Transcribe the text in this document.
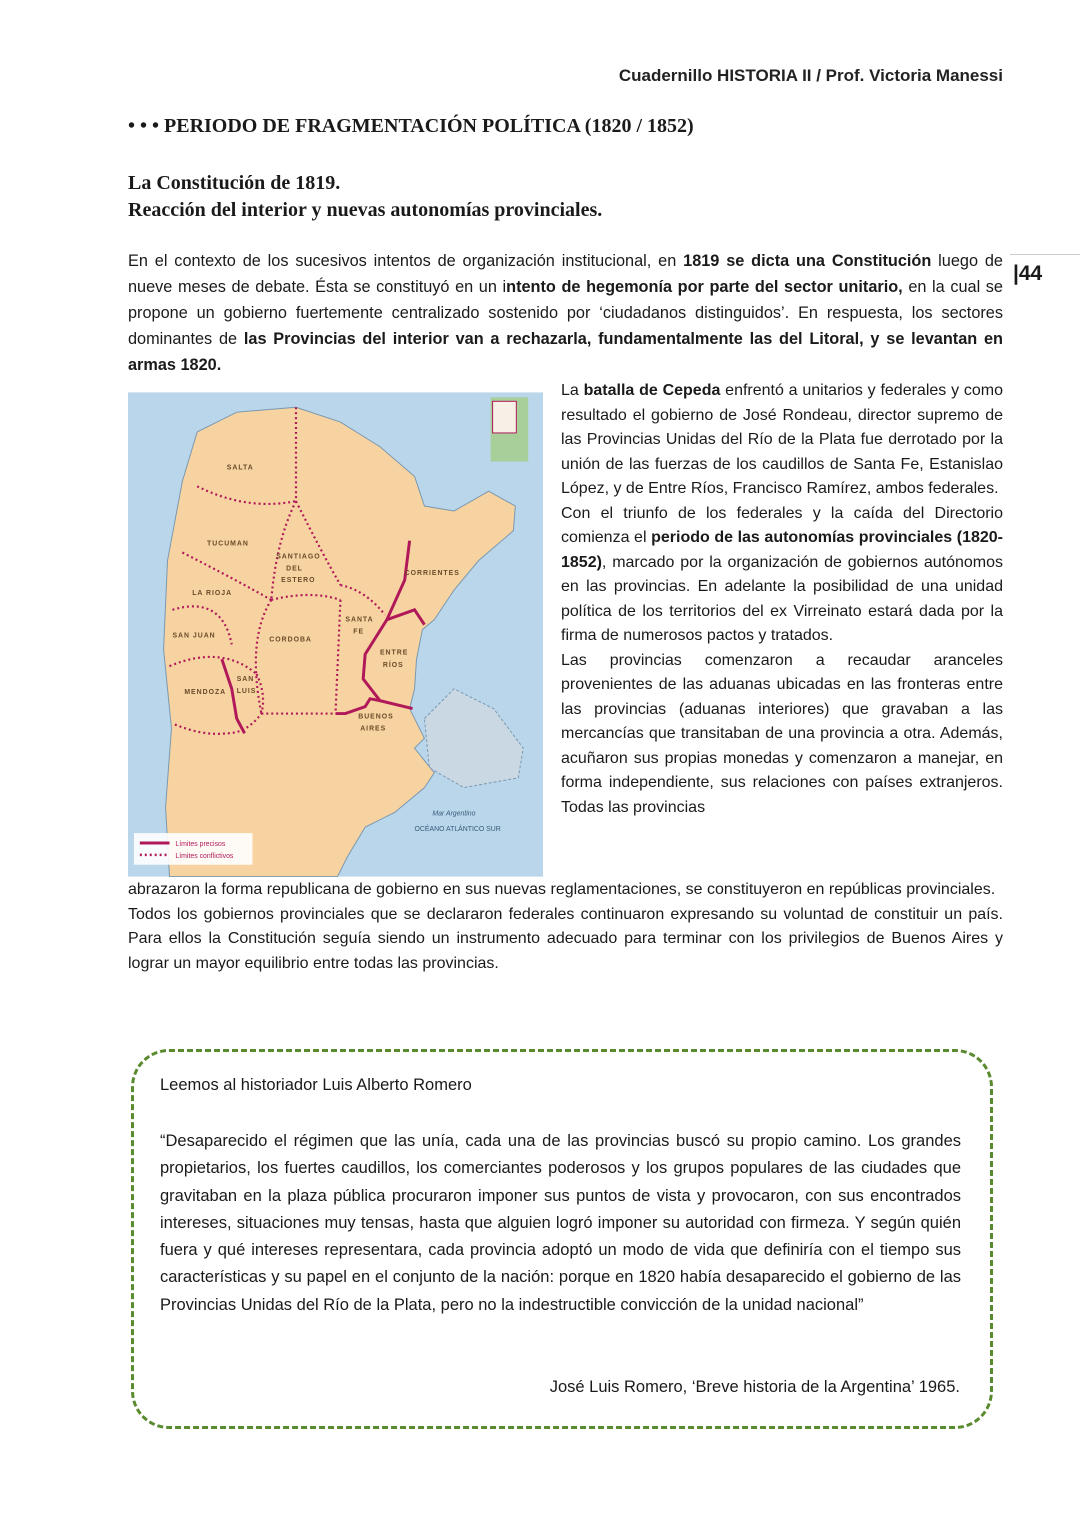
Cuadernillo HISTORIA II / Prof. Victoria Manessi
|44
• • • PERIODO DE FRAGMENTACIÓN POLÍTICA (1820 / 1852)
La Constitución de 1819.
Reacción del interior y nuevas autonomías provinciales.
En el contexto de los sucesivos intentos de organización institucional, en 1819 se dicta una Constitución luego de nueve meses de debate. Ésta se constituyó en un intento de hegemonía por parte del sector unitario, en la cual se propone un gobierno fuertemente centralizado sostenido por ‘ciudadanos distinguidos’. En respuesta, los sectores dominantes de las Provincias del interior van a rechazarla, fundamentalmente las del Litoral, y se levantan en armas 1820.
SALTA
TUCUMAN
SANTIAGO
DEL
ESTERO
LA RIOJA
SAN JUAN
CORDOBA
SANTA
FE
CORRIENTES
ENTRE
RÍOS
MENDOZA
SAN
LUIS
BUENOS
AIRES
Mar Argentino
OCÉANO ATLÁNTICO SUR
Límites precisos
Límites conflictivos
La batalla de Cepeda enfrentó a unitarios y federales y como resultado el gobierno de José Rondeau, director supremo de las Provincias Unidas del Río de la Plata fue derrotado por la unión de las fuerzas de los caudillos de Santa Fe, Estanislao López, y de Entre Ríos, Francisco Ramírez, ambos federales.
Con el triunfo de los federales y la caída del Directorio comienza el periodo de las autonomías provinciales (1820-1852), marcado por la organización de gobiernos autónomos en las provincias. En adelante la posibilidad de una unidad política de los territorios del ex Virreinato estará dada por la firma de numerosos pactos y tratados.
Las provincias comenzaron a recaudar aranceles provenientes de las aduanas ubicadas en las fronteras entre las provincias (aduanas interiores) que gravaban a las mercancías que transitaban de una provincia a otra. Además, acuñaron sus propias monedas y comenzaron a manejar, en forma independiente, sus relaciones con países extranjeros. Todas las provincias
abrazaron la forma republicana de gobierno en sus nuevas reglamentaciones, se constituyeron en repúblicas provinciales.
Todos los gobiernos provinciales que se declararon federales continuaron expresando su voluntad de constituir un país. Para ellos la Constitución seguía siendo un instrumento adecuado para terminar con los privilegios de Buenos Aires y lograr un mayor equilibrio entre todas las provincias.
Leemos al historiador Luis Alberto Romero
“Desaparecido el régimen que las unía, cada una de las provincias buscó su propio camino. Los grandes propietarios, los fuertes caudillos, los comerciantes poderosos y los grupos populares de las ciudades que gravitaban en la plaza pública procuraron imponer sus puntos de vista y provocaron, con sus encontrados intereses, situaciones muy tensas, hasta que alguien logró imponer su autoridad con firmeza. Y según quién fuera y qué intereses representara, cada provincia adoptó un modo de vida que definiría con el tiempo sus características y su papel en el conjunto de la nación: porque en 1820 había desaparecido el gobierno de las Provincias Unidas del Río de la Plata, pero no la indestructible convicción de la unidad nacional”
José Luis Romero, ‘Breve historia de la Argentina’ 1965.
